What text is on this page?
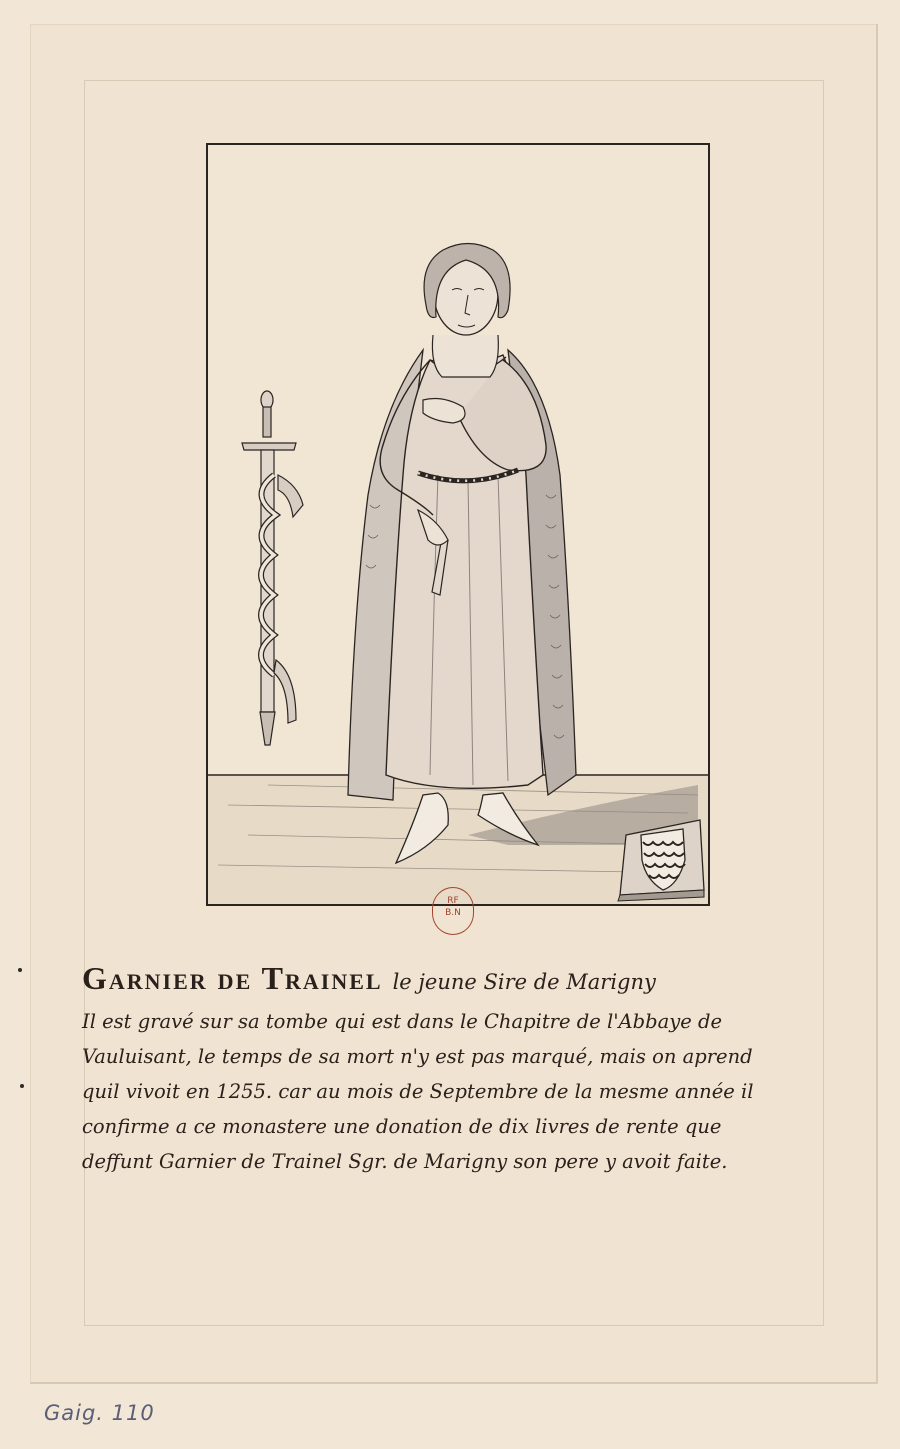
RF
B.N
Garnier de Trainel le jeune Sire de Marigny
Il est gravé sur sa tombe qui est dans le Chapitre de l'Abbaye de
Vauluisant, le temps de sa mort n'y est pas marqué, mais on aprend
quil vivoit en 1255. car au mois de Septembre de la mesme année il
confirme a ce monastere une donation de dix livres de rente que
deffunt Garnier de Trainel Sgr. de Marigny son pere y avoit faite.
Gaig. 110
